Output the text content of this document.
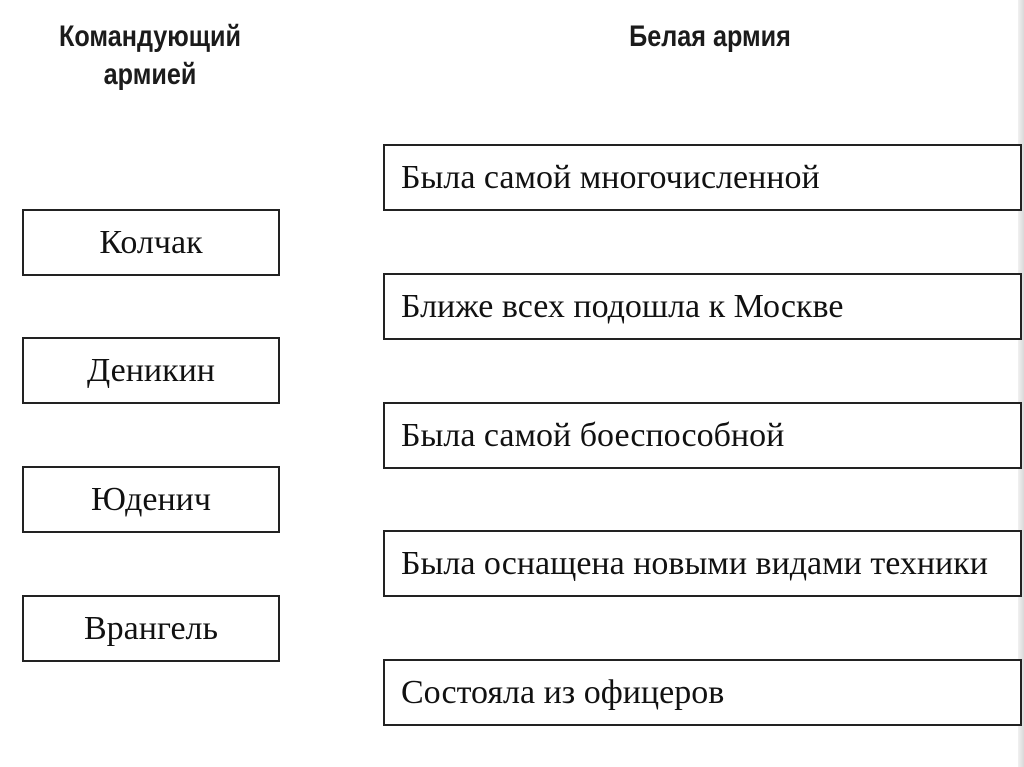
Командующий
армией
Белая армия
Колчак
Деникин
Юденич
Врангель
Была самой многочисленной
Ближе всех подошла к Москве
Была самой боеспособной
Была оснащена новыми видами техники
Состояла из офицеров
